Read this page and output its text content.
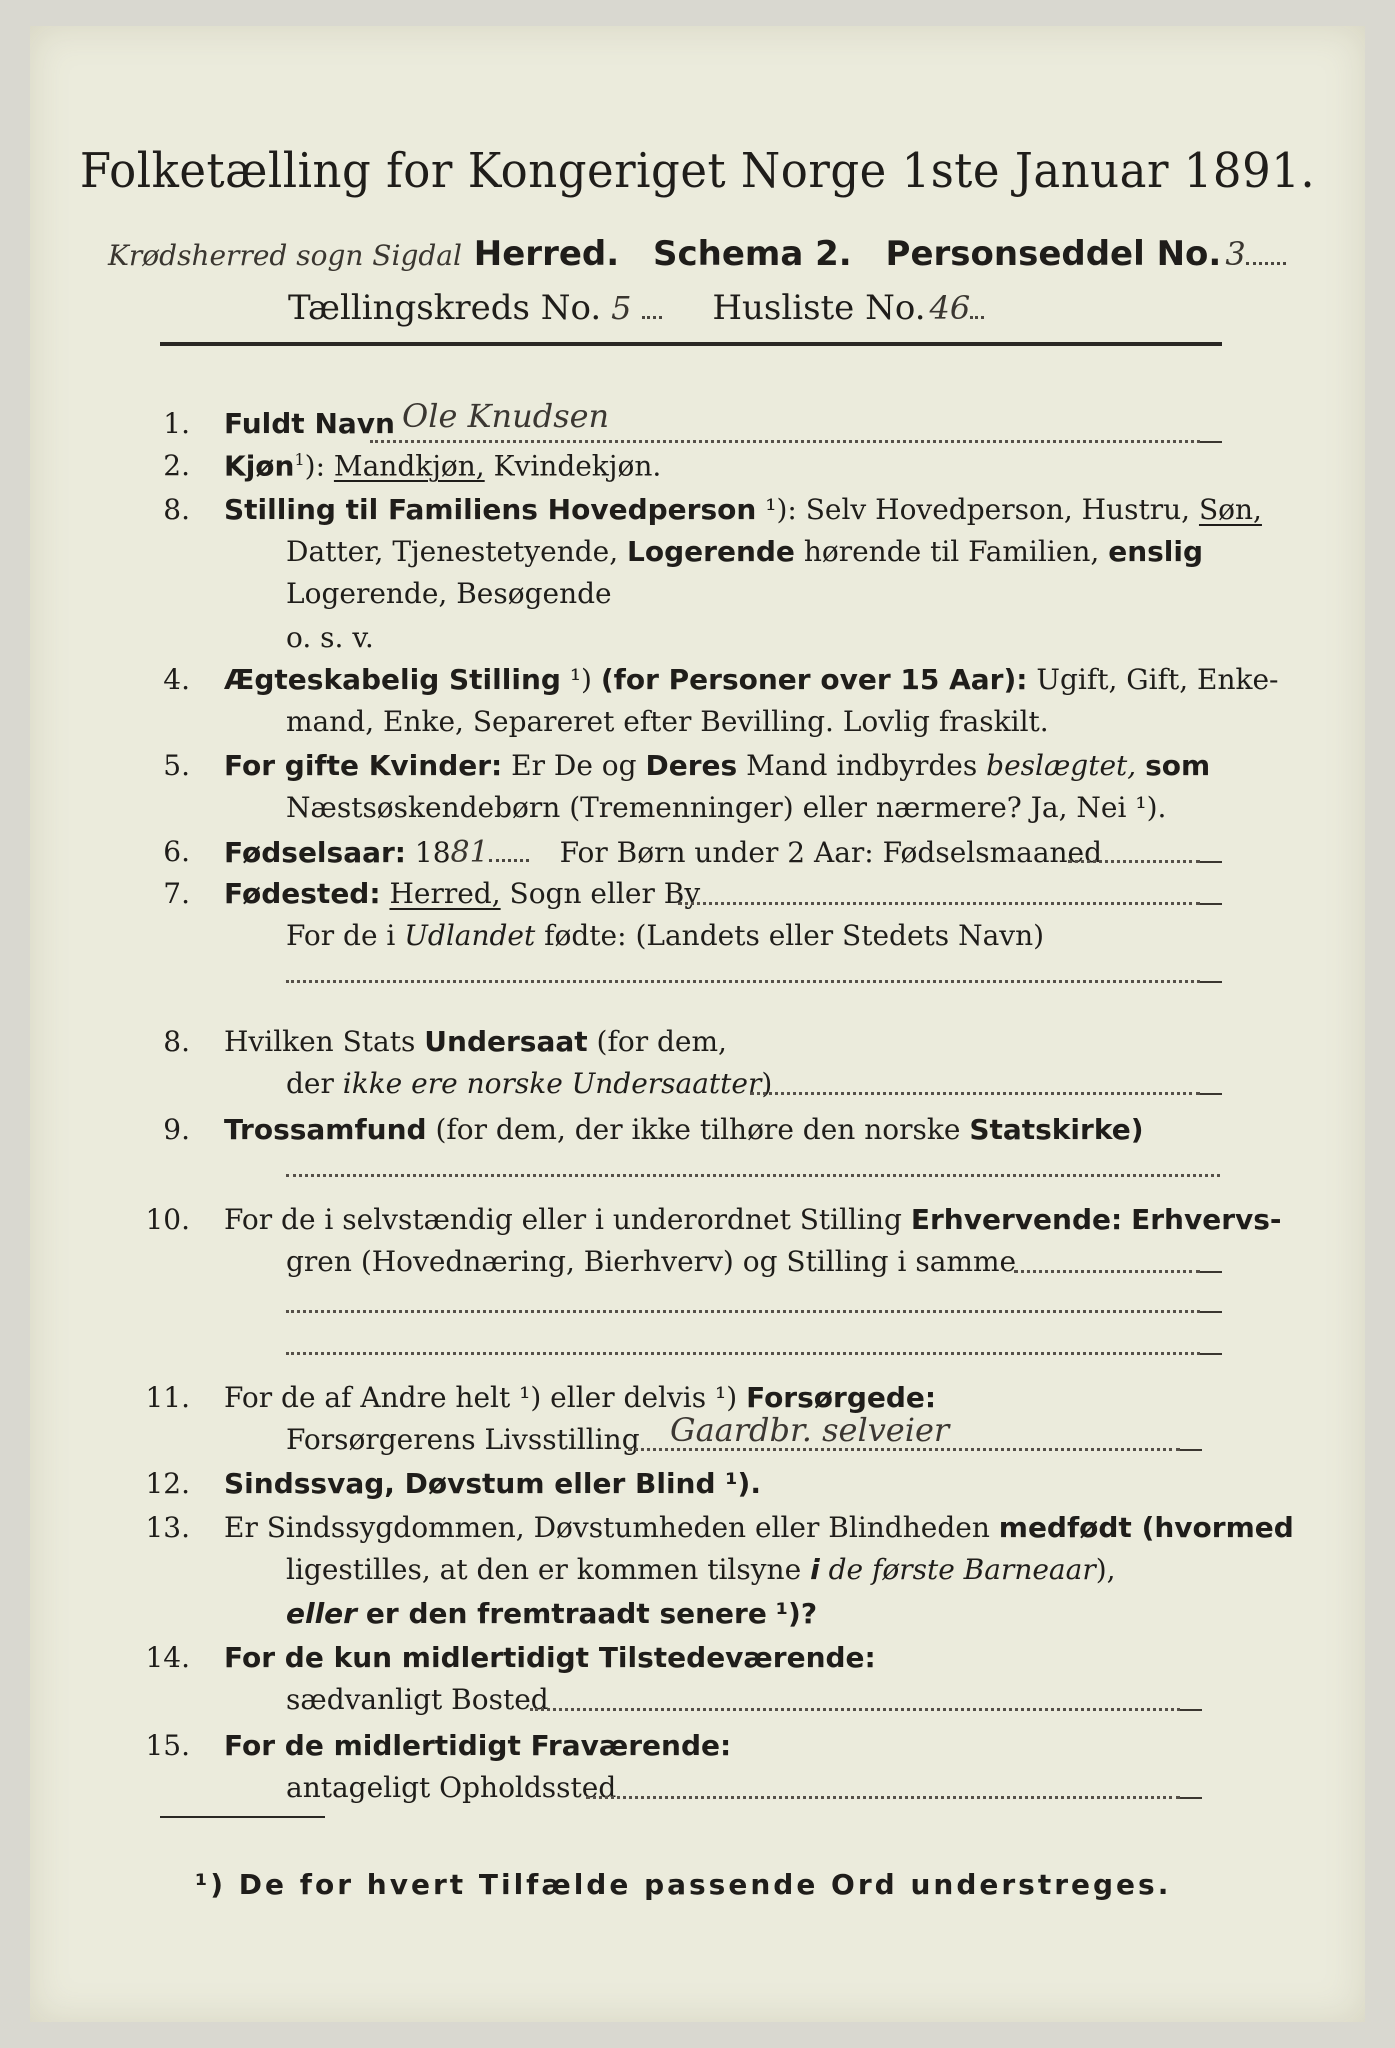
Folketælling for Kongeriget Norge 1ste Januar 1891.
Krødsherred sogn Sigdal Herred. Schema 2. Personseddel No. 3
Tællingskreds No. 5 Husliste No. 46
1. Fuldt Navn Ole Knudsen
2. Kjøn$^1$): Mandkjøn, Kvindekjøn.
8. Stilling til Familiens Hovedperson ¹): Selv Hovedperson, Hustru, Søn,
Datter, Tjenestetyende, Logerende hørende til Familien, enslig
Logerende, Besøgende
o. s. v.
4. Ægteskabelig Stilling ¹) (for Personer over 15 Aar): Ugift, Gift, Enke-
mand, Enke, Separeret efter Bevilling. Lovlig fraskilt.
5. For gifte Kvinder: Er De og Deres Mand indbyrdes beslægtet, som
Næstsøskendebørn (Tremenninger) eller nærmere? Ja, Nei ¹).
6. Fødselsaar: 1881	For Børn under 2 Aar: Fødselsmaaned
7. Fødested: Herred, Sogn eller By
For de i Udlandet fødte: (Landets eller Stedets Navn)
8. Hvilken Stats Undersaat (for dem,
der ikke ere norske Undersaatter)
9. Trossamfund (for dem, der ikke tilhøre den norske Statskirke)
10. For de i selvstændig eller i underordnet Stilling Erhvervende: Erhvervs-
gren (Hovednæring, Bierhverv) og Stilling i samme
11. For de af Andre helt ¹) eller delvis ¹) Forsørgede:
Forsørgerens Livsstilling Gaardbr. selveier
12. Sindssvag, Døvstum eller Blind ¹).
13. Er Sindssygdommen, Døvstumheden eller Blindheden medfødt (hvormed
ligestilles, at den er kommen tilsyne i de første Barneaar),
eller er den fremtraadt senere ¹)?
14. For de kun midlertidigt Tilstedeværende:
sædvanligt Bosted
15. For de midlertidigt Fraværende:
antageligt Opholdssted
¹) De for hvert Tilfælde passende Ord understreges.
